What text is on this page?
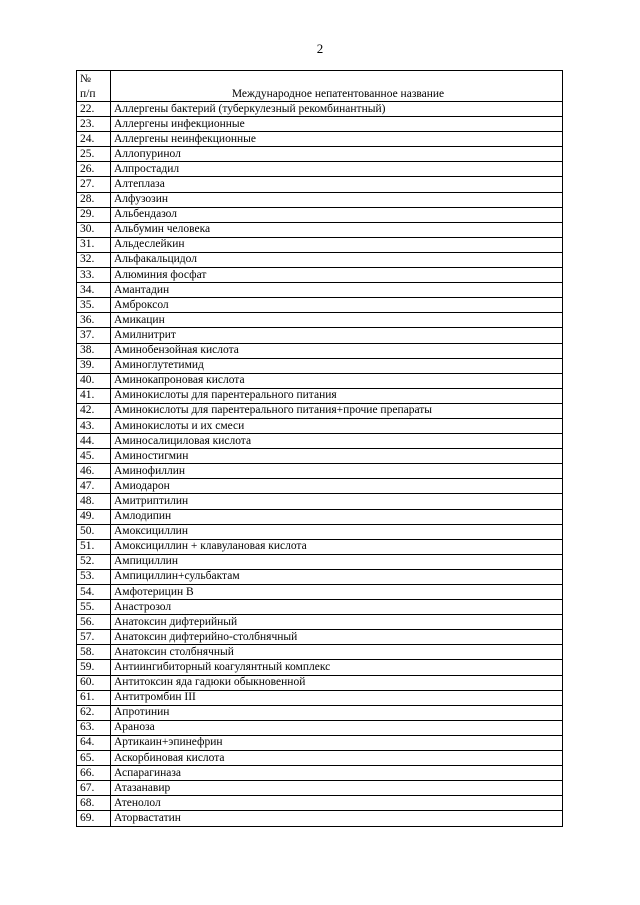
2
№
п/п	Международное непатентованное название
22.	Аллергены бактерий (туберкулезный рекомбинантный)
23.	Аллергены инфекционные
24.	Аллергены неинфекционные
25.	Аллопуринол
26.	Алпростадил
27.	Алтеплаза
28.	Алфузозин
29.	Альбендазол
30.	Альбумин человека
31.	Альдеслейкин
32.	Альфакальцидол
33.	Алюминия фосфат
34.	Амантадин
35.	Амброксол
36.	Амикацин
37.	Амилнитрит
38.	Аминобензойная кислота
39.	Аминоглутетимид
40.	Аминокапроновая кислота
41.	Аминокислоты для парентерального питания
42.	Аминокислоты для парентерального питания+прочие препараты
43.	Аминокислоты и их смеси
44.	Аминосалициловая кислота
45.	Аминостигмин
46.	Аминофиллин
47.	Амиодарон
48.	Амитриптилин
49.	Амлодипин
50.	Амоксициллин
51.	Амоксициллин + клавулановая кислота
52.	Ампициллин
53.	Ампициллин+сульбактам
54.	Амфотерицин В
55.	Анастрозол
56.	Анатоксин дифтерийный
57.	Анатоксин дифтерийно-столбнячный
58.	Анатоксин столбнячный
59.	Антиингибиторный коагулянтный комплекс
60.	Антитоксин яда гадюки обыкновенной
61.	Антитромбин III
62.	Апротинин
63.	Араноза
64.	Артикаин+эпинефрин
65.	Аскорбиновая кислота
66.	Аспарагиназа
67.	Атазанавир
68.	Атенолол
69.	Аторвастатин
